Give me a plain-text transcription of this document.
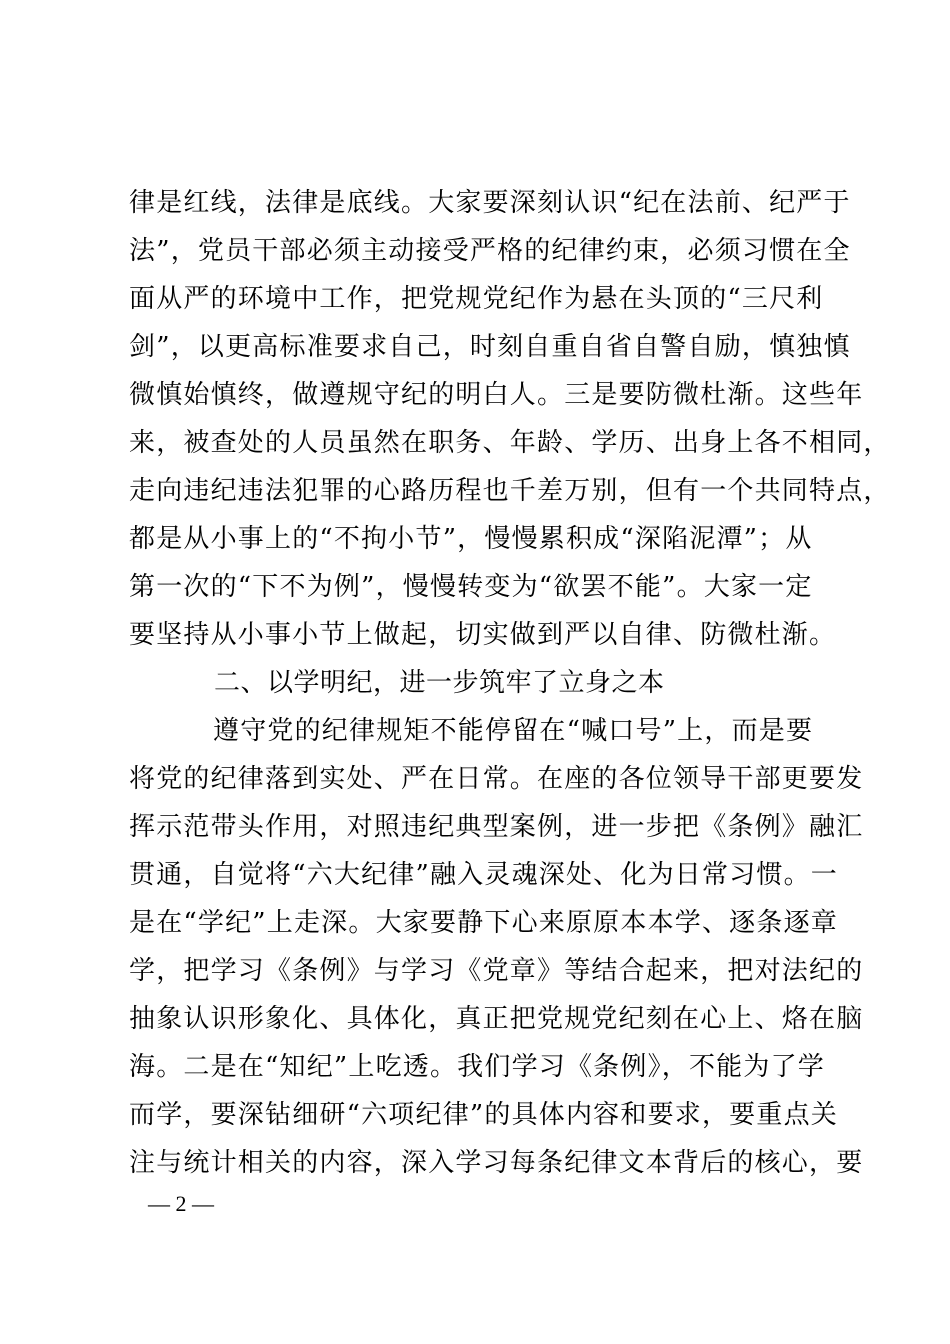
律是红线，法律是底线。大家要深刻认识“纪在法前、纪严于
法”，党员干部必须主动接受严格的纪律约束，必须习惯在全
面从严的环境中工作，把党规党纪作为悬在头顶的“三尺利
剑”，以更高标准要求自己，时刻自重自省自警自励，慎独慎
微慎始慎终，做遵规守纪的明白人。三是要防微杜渐。这些年
来，被查处的人员虽然在职务、年龄、学历、出身上各不相同，
走向违纪违法犯罪的心路历程也千差万别，但有一个共同特点，
都是从小事上的“不拘小节”，慢慢累积成“深陷泥潭”；从
第一次的“下不为例”，慢慢转变为“欲罢不能”。大家一定
要坚持从小事小节上做起，切实做到严以自律、防微杜渐。
二、以学明纪，进一步筑牢了立身之本
遵守党的纪律规矩不能停留在“喊口号”上，而是要
将党的纪律落到实处、严在日常。在座的各位领导干部更要发
挥示范带头作用，对照违纪典型案例，进一步把《条例》融汇
贯通，自觉将“六大纪律”融入灵魂深处、化为日常习惯。一
是在“学纪”上走深。大家要静下心来原原本本学、逐条逐章
学，把学习《条例》与学习《党章》等结合起来，把对法纪的
抽象认识形象化、具体化，真正把党规党纪刻在心上、烙在脑
海。二是在“知纪”上吃透。我们学习《条例》，不能为了学
而学，要深钻细研“六项纪律”的具体内容和要求，要重点关
注与统计相关的内容，深入学习每条纪律文本背后的核心，要
— 2 —
